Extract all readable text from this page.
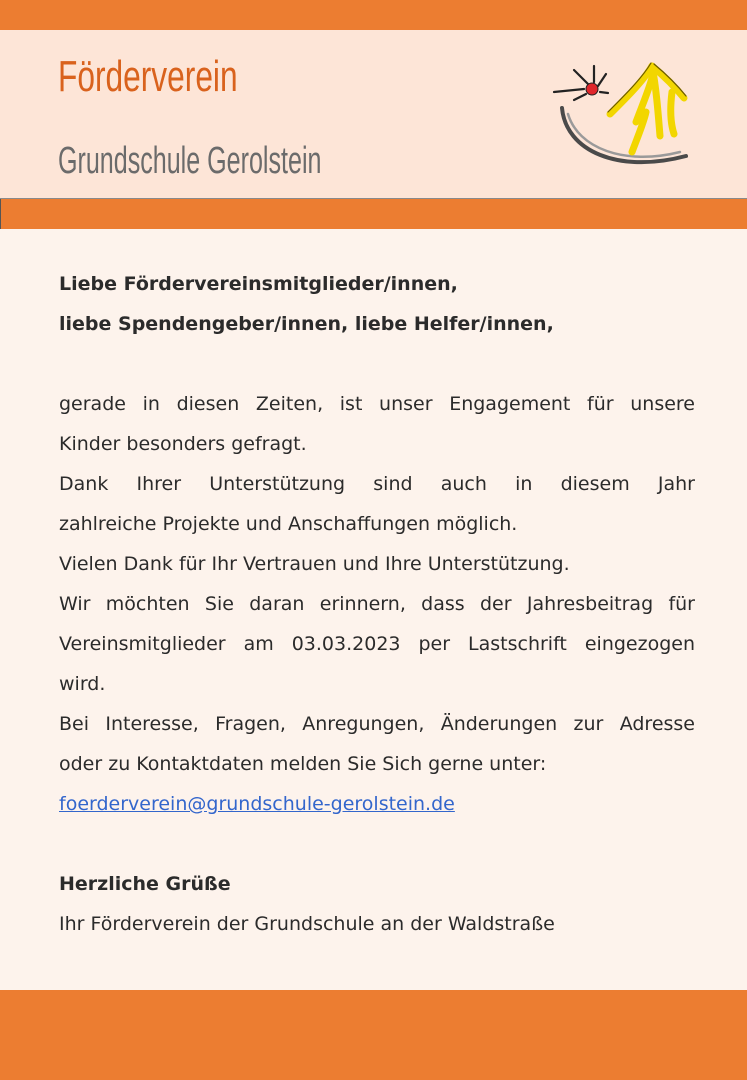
Förderverein
Grundschule Gerolstein
Liebe Fördervereinsmitglieder/innen,
liebe Spendengeber/innen, liebe Helfer/innen,
gerade in diesen Zeiten, ist unser Engagement für unsere
Kinder besonders gefragt.
Dank Ihrer Unterstützung sind auch in diesem Jahr
zahlreiche Projekte und Anschaffungen möglich.
Vielen Dank für Ihr Vertrauen und Ihre Unterstützung.
Wir möchten Sie daran erinnern, dass der Jahresbeitrag für
Vereinsmitglieder am 03.03.2023 per Lastschrift eingezogen
wird.
Bei Interesse, Fragen, Anregungen, Änderungen zur Adresse
oder zu Kontaktdaten melden Sie Sich gerne unter:
foerderverein@grundschule-gerolstein.de
Herzliche Grüße
Ihr Förderverein der Grundschule an der Waldstraße
